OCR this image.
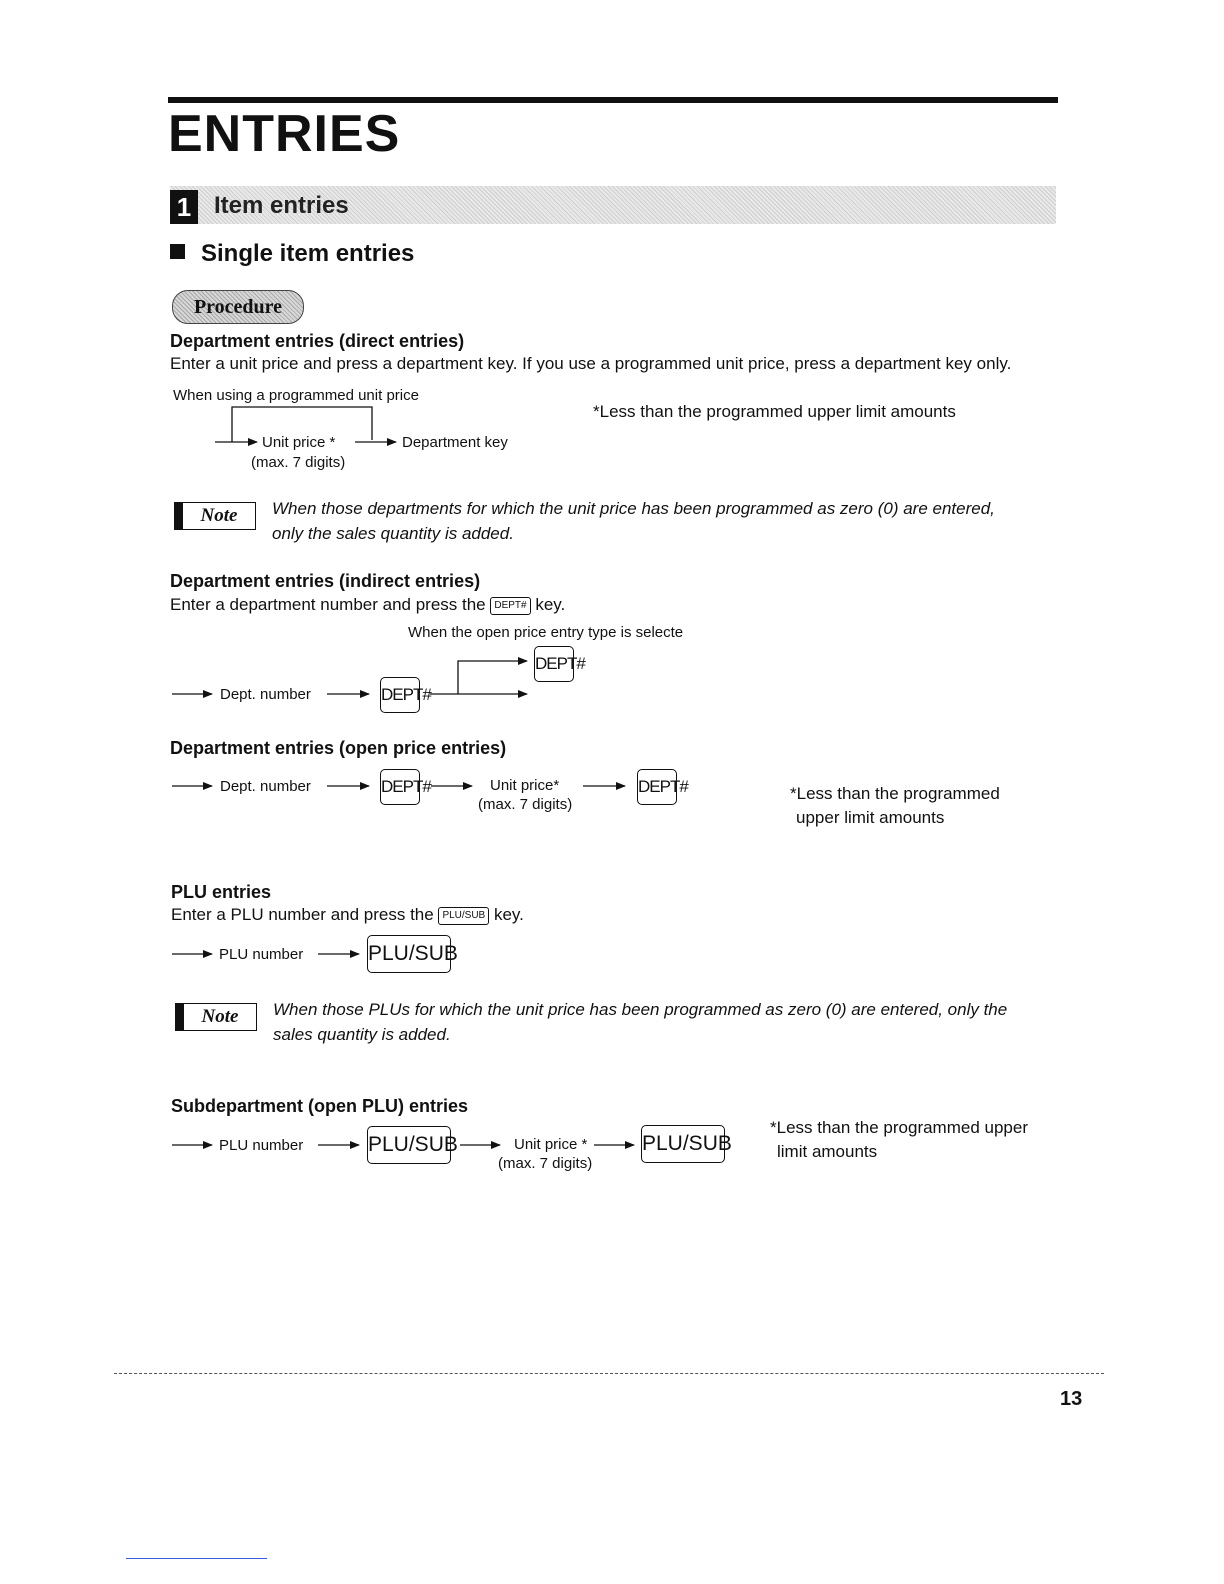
ENTRIES
1 Item entries
Single item entries
Procedure
Department entries (direct entries)
Enter a unit price and press a department key. If you use a programmed unit price, press a department key only.
When using a programmed unit price
Unit price *
(max. 7 digits)
Department key
*Less than the programmed upper limit amounts
Note	When those departments for which the unit price has been programmed as zero (0) are entered,
only the sales quantity is added.
Department entries (indirect entries)
Enter a department number and press the DEPT# key.
When the open price entry type is selecte
Dept. number	DEPT#
DEPT#
Department entries (open price entries)
Dept. number	DEPT#	Unit price*
(max. 7 digits)
DEPT#	*Less than the programmed
upper limit amounts
PLU entries
Enter a PLU number and press the PLU/SUB key.
PLU number	PLU/SUB
Note	When those PLUs for which the unit price has been programmed as zero (0) are entered, only the
sales quantity is added.
Subdepartment (open PLU) entries
PLU number	PLU/SUB	Unit price *
(max. 7 digits)
PLU/SUB
*Less than the programmed upper
limit amounts
13
